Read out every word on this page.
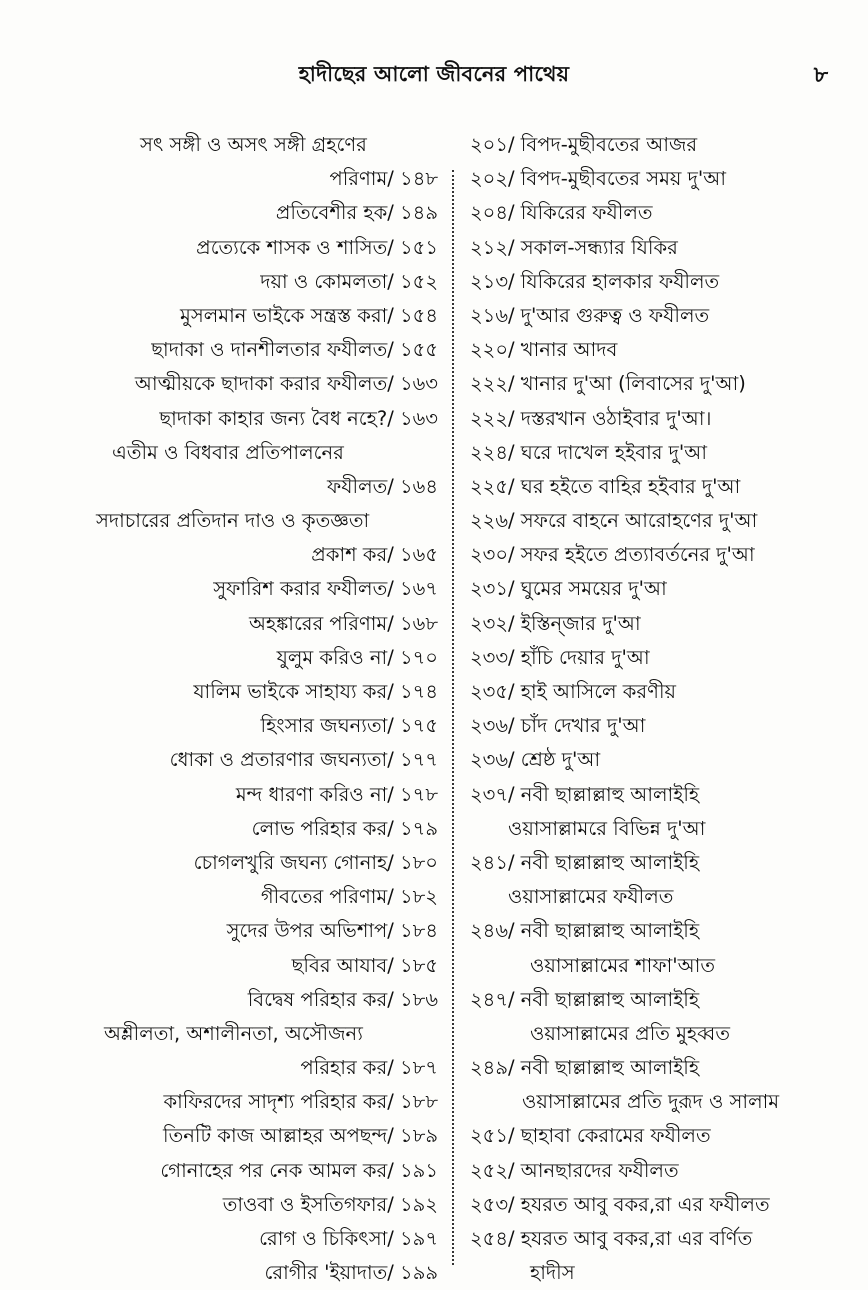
হাদীছের আলো জীবনের পাথেয়	৮
সৎ সঙ্গী ও অসৎ সঙ্গী গ্রহণের
পরিণাম/ ১৪৮
প্রতিবেশীর হক/ ১৪৯
প্রত্যেকে শাসক ও শাসিত/ ১৫১
দয়া ও কোমলতা/ ১৫২
মুসলমান ভাইকে সন্ত্রস্ত করা/ ১৫৪
ছাদাকা ও দানশীলতার ফযীলত/ ১৫৫
আত্মীয়কে ছাদাকা করার ফযীলত/ ১৬৩
ছাদাকা কাহার জন্য বৈধ নহে?/ ১৬৩
এতীম ও বিধবার প্রতিপালনের
ফযীলত/ ১৬৪
সদাচারের প্রতিদান দাও ও কৃতজ্ঞতা
প্রকাশ কর/ ১৬৫
সুফারিশ করার ফযীলত/ ১৬৭
অহঙ্কারের পরিণাম/ ১৬৮
যুলুম করিও না/ ১৭০
যালিম ভাইকে সাহায্য কর/ ১৭৪
হিংসার জঘন্যতা/ ১৭৫
ধোকা ও প্রতারণার জঘন্যতা/ ১৭৭
মন্দ ধারণা করিও না/ ১৭৮
লোভ পরিহার কর/ ১৭৯
চোগলখুরি জঘন্য গোনাহ/ ১৮০
গীবতের পরিণাম/ ১৮২
সুদের উপর অভিশাপ/ ১৮৪
ছবির আযাব/ ১৮৫
বিদ্বেষ পরিহার কর/ ১৮৬
অশ্লীলতা, অশালীনতা, অসৌজন্য
পরিহার কর/ ১৮৭
কাফিরদের সাদৃশ্য পরিহার কর/ ১৮৮
তিনটি কাজ আল্লাহর অপছন্দ/ ১৮৯
গোনাহের পর নেক আমল কর/ ১৯১
তাওবা ও ইসতিগফার/ ১৯২
রোগ ও চিকিৎসা/ ১৯৭
রোগীর 'ইয়াদাত/ ১৯৯
২০১/ বিপদ-মুছীবতের আজর
২০২/ বিপদ-মুছীবতের সময় দু'আ
২০৪/ যিকিরের ফযীলত
২১২/ সকাল-সন্ধ্যার যিকির
২১৩/ যিকিরের হালকার ফযীলত
২১৬/ দু'আর গুরুত্ব ও ফযীলত
২২০/ খানার আদব
২২২/ খানার দু'আ (লিবাসের দু'আ)
২২২/ দস্তরখান ওঠাইবার দু'আ।
২২৪/ ঘরে দাখেল হইবার দু'আ
২২৫/ ঘর হইতে বাহির হইবার দু'আ
২২৬/ সফরে বাহনে আরোহণের দু'আ
২৩০/ সফর হইতে প্রত্যাবর্তনের দু'আ
২৩১/ ঘুমের সময়ের দু'আ
২৩২/ ইস্তিন্জার দু'আ
২৩৩/ হাঁচি দেয়ার দু'আ
২৩৫/ হাই আসিলে করণীয়
২৩৬/ চাঁদ দেখার দু'আ
২৩৬/ শ্রেষ্ঠ দু'আ
২৩৭/ নবী ছাল্লাল্লাহু আলাইহি
ওয়াসাল্লামরে বিভিন্ন দু'আ
২৪১/ নবী ছাল্লাল্লাহু আলাইহি
ওয়াসাল্লামের ফযীলত
২৪৬/ নবী ছাল্লাল্লাহু আলাইহি
ওয়াসাল্লামের শাফা'আত
২৪৭/ নবী ছাল্লাল্লাহু আলাইহি
ওয়াসাল্লামের প্রতি মুহব্বত
২৪৯/ নবী ছাল্লাল্লাহু আলাইহি
ওয়াসাল্লামের প্রতি দুরূদ ও সালাম
২৫১/ ছাহাবা কেরামের ফযীলত
২৫২/ আনছারদের ফযীলত
২৫৩/ হযরত আবু বকর,রা এর ফযীলত
২৫৪/ হযরত আবু বকর,রা এর বর্ণিত
হাদীস
